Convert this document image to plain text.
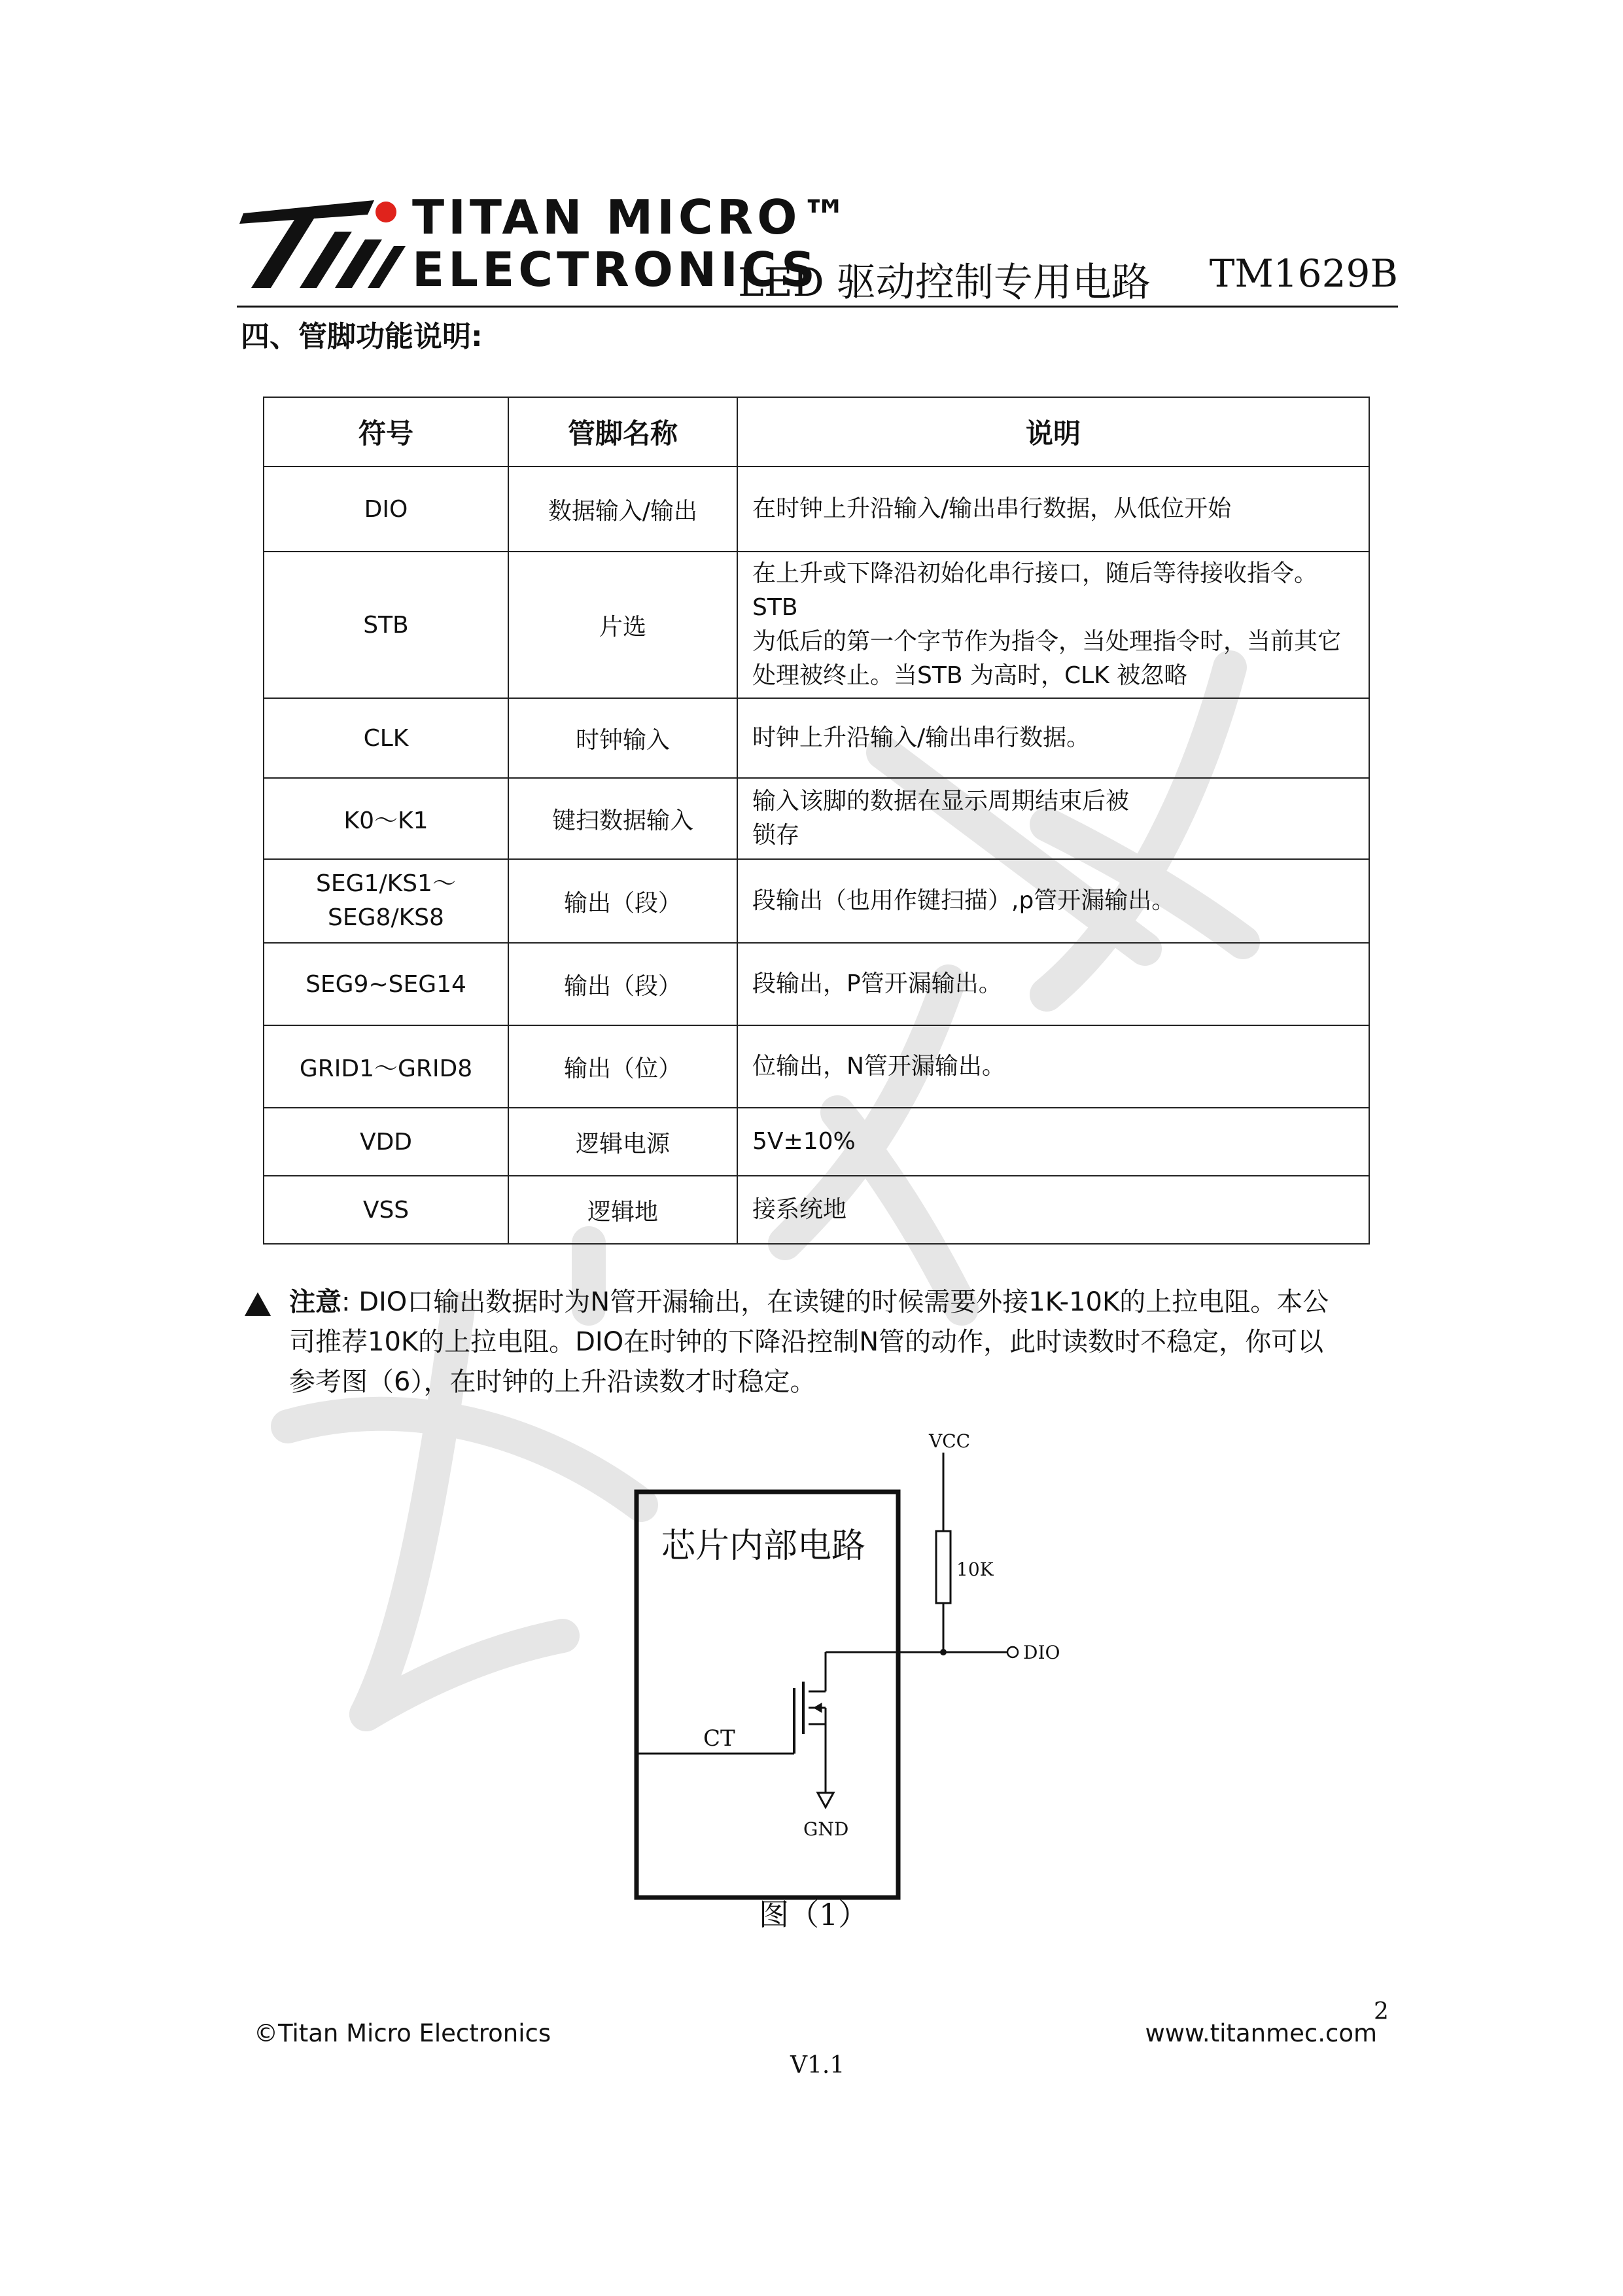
TITAN MICRO™
ELECTRONICS
LED 驱动控制专用电路 TM1629B
四、管脚功能说明:
符号	管脚名称	说明

DIO	数据输入/输出	在时钟上升沿输入/输出串行数据，从低位开始

STB	片选	在上升或下降沿初始化串行接口，随后等待接收指令。STB
为低后的第一个字节作为指令，当处理指令时，当前其它
处理被终止。当STB 为高时，CLK 被忽略

CLK	时钟输入	时钟上升沿输入/输出串行数据。

K0～K1	键扫数据输入	输入该脚的数据在显示周期结束后被
锁存

SEG1/KS1～
SEG8/KS8	输出（段）	段输出（也用作键扫描）,p管开漏输出。

SEG9~SEG14	输出（段）	段输出，P管开漏输出。

GRID1～GRID8	输出（位）	位输出，N管开漏输出。

VDD	逻辑电源	5V±10%

VSS	逻辑地	接系统地
注意: DIO口输出数据时为N管开漏输出，在读键的时候需要外接1K-10K的上拉电阻。本公
司推荐10K的上拉电阻。DIO在时钟的下降沿控制N管的动作，此时读数时不稳定，你可以
参考图（6），在时钟的上升沿读数才时稳定。
芯片内部电路
VCC
10K
DIO
CT
GND
图（1）
2
©Titan Micro Electronics	www.titanmec.com
V1.1
